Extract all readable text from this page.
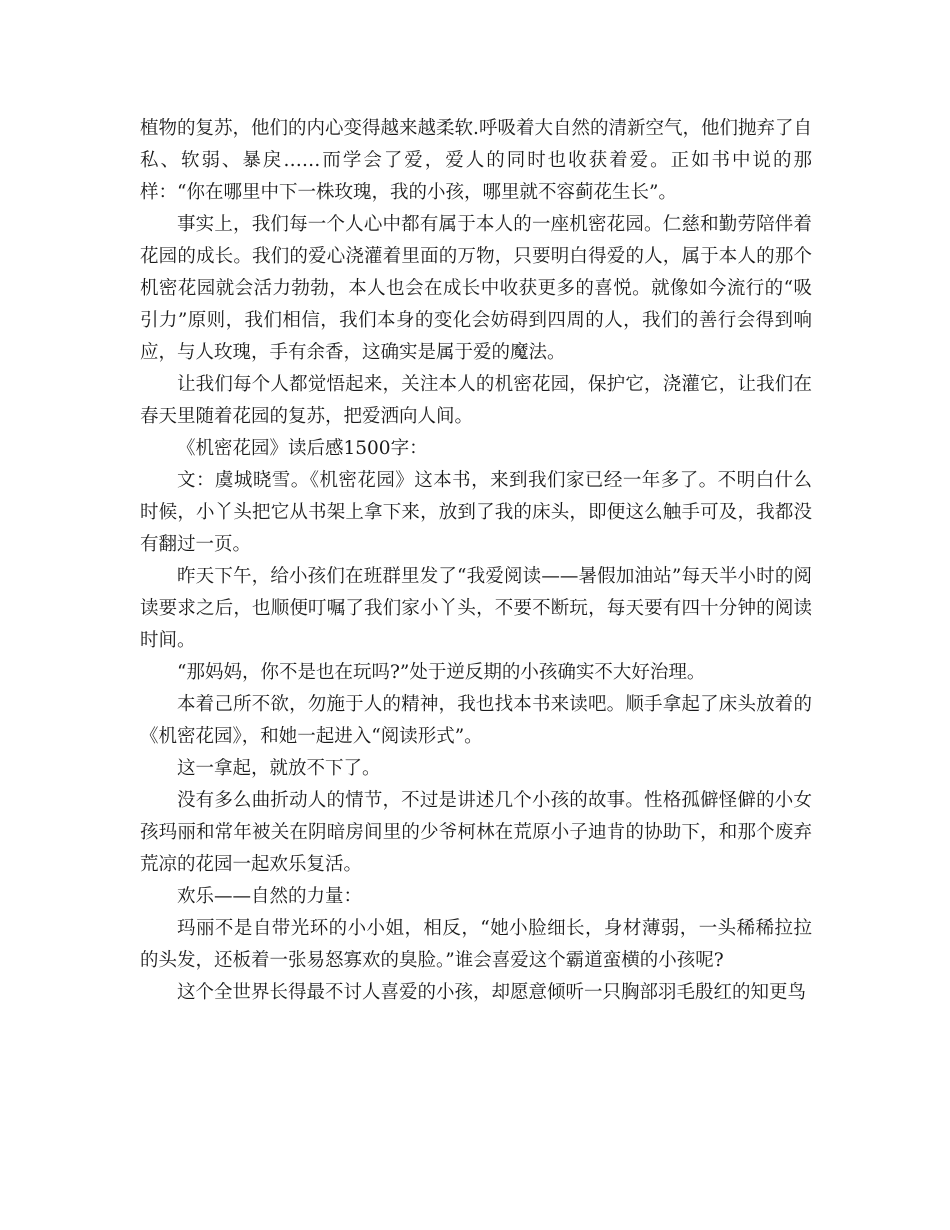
植物的复苏，他们的内心变得越来越柔软.呼吸着大自然的清新空气，他们抛弃了自私、软弱、暴戾……而学会了爱，爱人的同时也收获着爱。正如书中说的那样：“你在哪里中下一株玫瑰，我的小孩，哪里就不容蓟花生长”。

事实上，我们每一个人心中都有属于本人的一座机密花园。仁慈和勤劳陪伴着花园的成长。我们的爱心浇灌着里面的万物，只要明白得爱的人，属于本人的那个机密花园就会活力勃勃，本人也会在成长中收获更多的喜悦。就像如今流行的“吸引力”原则，我们相信，我们本身的变化会妨碍到四周的人，我们的善行会得到响应，与人玫瑰，手有余香，这确实是属于爱的魔法。

让我们每个人都觉悟起来，关注本人的机密花园，保护它，浇灌它，让我们在春天里随着花园的复苏，把爱洒向人间。

《机密花园》读后感1500字：

文：虞城晓雪。《机密花园》这本书，来到我们家已经一年多了。不明白什么时候，小丫头把它从书架上拿下来，放到了我的床头，即便这么触手可及，我都没有翻过一页。

昨天下午，给小孩们在班群里发了“我爱阅读——暑假加油站”每天半小时的阅读要求之后，也顺便叮嘱了我们家小丫头，不要不断玩，每天要有四十分钟的阅读时间。

“那妈妈，你不是也在玩吗?”处于逆反期的小孩确实不大好治理。

本着己所不欲，勿施于人的精神，我也找本书来读吧。顺手拿起了床头放着的《机密花园》，和她一起进入“阅读形式”。

这一拿起，就放不下了。

没有多么曲折动人的情节，不过是讲述几个小孩的故事。性格孤僻怪僻的小女孩玛丽和常年被关在阴暗房间里的少爷柯林在荒原小子迪肯的协助下，和那个废弃荒凉的花园一起欢乐复活。

欢乐——自然的力量：

玛丽不是自带光环的小小姐，相反，“她小脸细长，身材薄弱，一头稀稀拉拉的头发，还板着一张易怒寡欢的臭脸。”谁会喜爱这个霸道蛮横的小孩呢?

这个全世界长得最不讨人喜爱的小孩，却愿意倾听一只胸部羽毛殷红的知更鸟
